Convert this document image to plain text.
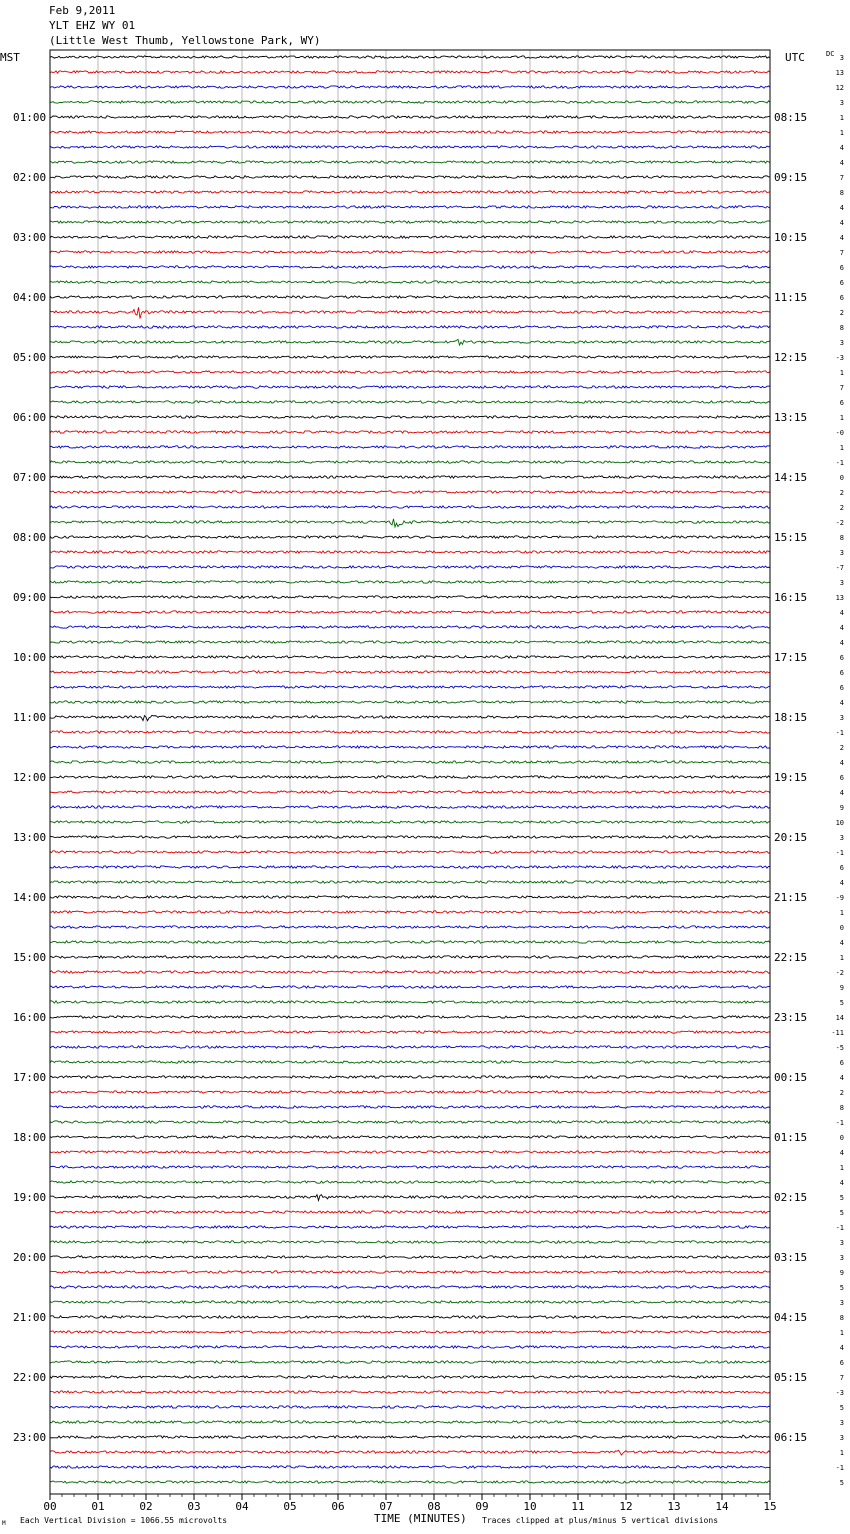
Feb 9,2011
YLT EHZ WY 01
(Little West Thumb, Yellowstone Park, WY)
01:00
02:00
03:00
04:00
05:00
06:00
07:00
08:00
09:00
10:00
11:00
12:00
13:00
14:00
15:00
16:00
17:00
18:00
19:00
20:00
21:00
22:00
23:00
08:15
09:15
10:15
11:15
12:15
13:15
14:15
15:15
16:15
17:15
18:15
19:15
20:15
21:15
22:15
23:15
00:15
01:15
02:15
03:15
04:15
05:15
06:15
3
13
12
3
1
1
4
4
7
8
4
4
4
7
6
6
6
2
8
3
-3
1
7
6
1
-0
1
-1
0
2
2
-2
8
3
-7
3
13
4
4
4
6
6
6
4
3
-1
2
4
6
4
9
10
3
-1
6
4
-9
1
0
4
1
-2
9
5
14
-11
-5
6
4
2
8
-1
0
4
1
4
5
5
-1
3
3
9
5
3
8
1
4
6
7
-3
5
3
3
1
-1
5
00	01	02	03	04	05	06	07	08	09	10	11	12	13	14	15
MST	UTC	DC
M Each Vertical Division = 1066.55 microvolts	TIME (MINUTES) Traces clipped at plus/minus 5 vertical divisions
